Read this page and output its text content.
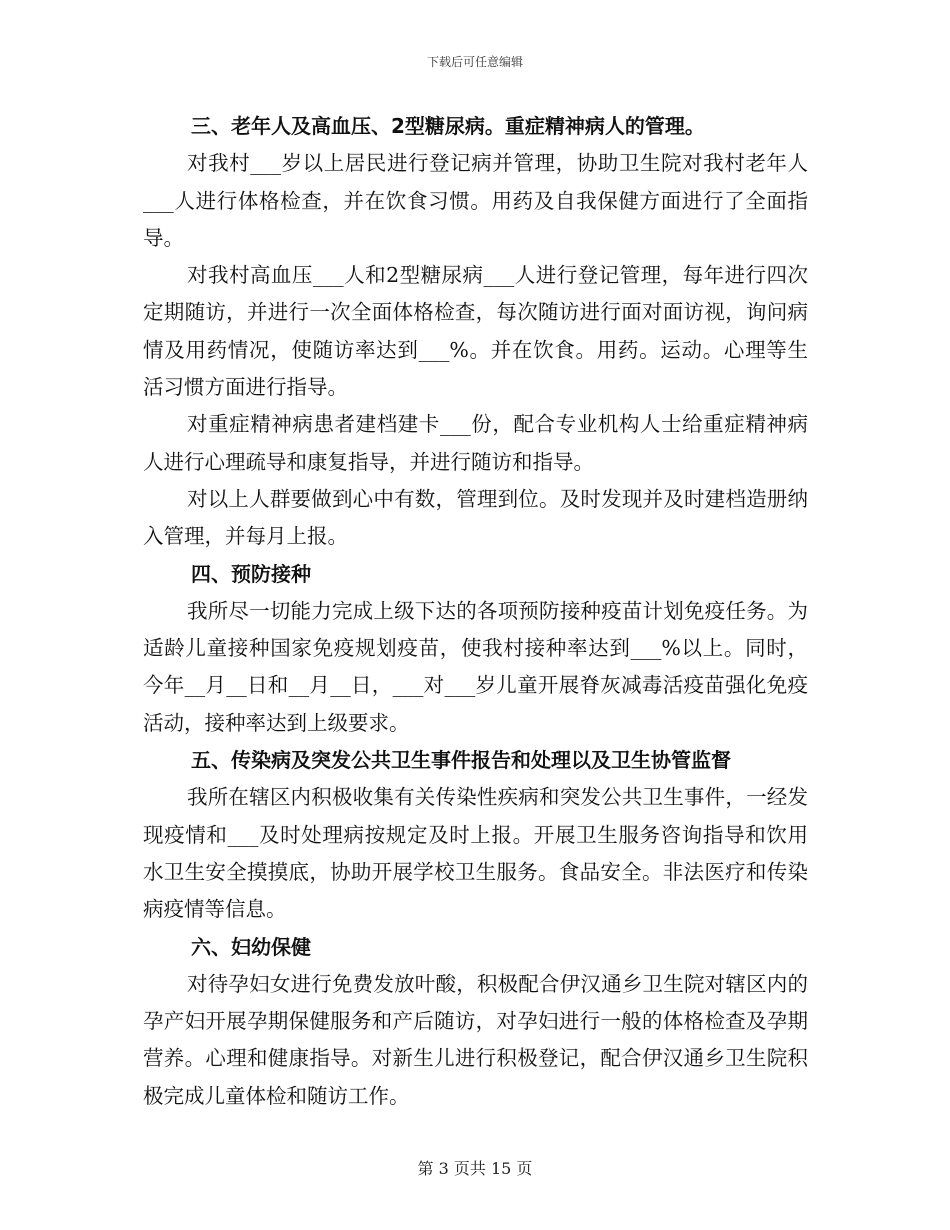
下载后可任意编辑

三、老年人及高血压、2型糖尿病。重症精神病人的管理。

对我村___岁以上居民进行登记病并管理，协助卫生院对我村老年人___人进行体格检查，并在饮食习惯。用药及自我保健方面进行了全面指导。

对我村高血压___人和2型糖尿病___人进行登记管理，每年进行四次定期随访，并进行一次全面体格检查，每次随访进行面对面访视，询问病情及用药情况，使随访率达到___%。并在饮食。用药。运动。心理等生活习惯方面进行指导。

对重症精神病患者建档建卡___份，配合专业机构人士给重症精神病人进行心理疏导和康复指导，并进行随访和指导。

对以上人群要做到心中有数，管理到位。及时发现并及时建档造册纳入管理，并每月上报。

四、预防接种

我所尽一切能力完成上级下达的各项预防接种疫苗计划免疫任务。为适龄儿童接种国家免疫规划疫苗，使我村接种率达到___%以上。同时，今年__月__日和__月__日，___对___岁儿童开展脊灰减毒活疫苗强化免疫活动，接种率达到上级要求。

五、传染病及突发公共卫生事件报告和处理以及卫生协管监督

我所在辖区内积极收集有关传染性疾病和突发公共卫生事件，一经发现疫情和___及时处理病按规定及时上报。开展卫生服务咨询指导和饮用水卫生安全摸摸底，协助开展学校卫生服务。食品安全。非法医疗和传染病疫情等信息。

六、妇幼保健

对待孕妇女进行免费发放叶酸，积极配合伊汉通乡卫生院对辖区内的孕产妇开展孕期保健服务和产后随访，对孕妇进行一般的体格检查及孕期营养。心理和健康指导。对新生儿进行积极登记，配合伊汉通乡卫生院积极完成儿童体检和随访工作。

第 3 页共 15 页
